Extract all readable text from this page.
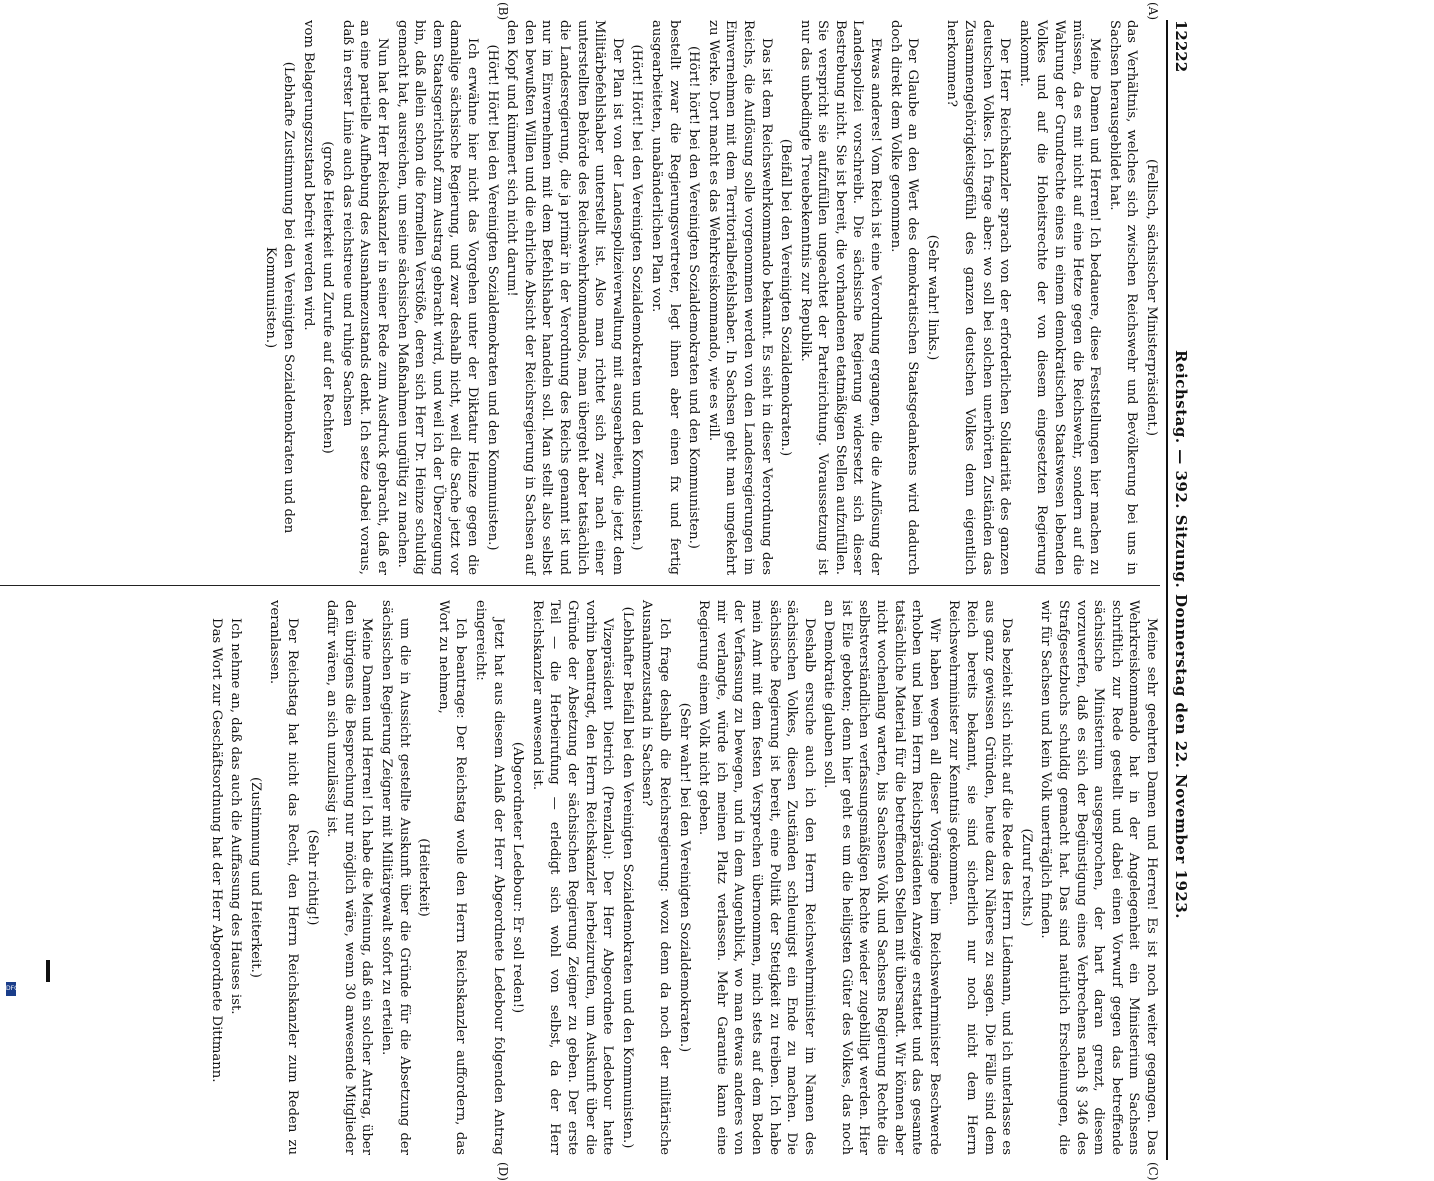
12222
Reichstag. — 392. Sitzung. Donnerstag den 22. November 1923.
(A)
(B)
(C)
(D)

(Fellisch, sächsischer Ministerpräsident.)

das Verhältnis, welches sich zwischen Reichswehr und Bevölkerung bei uns in Sachsen herausgebildet hat.

Meine Damen und Herren! Ich bedauere, diese Feststellungen hier machen zu müssen, da es mit nicht auf eine Hetze gegen die Reichswehr, sondern auf die Wahrung der Grundrechte eines in einem demokratischen Staatswesen lebenden Volkes und auf die Hoheitsrechte der von diesem eingesetzten Regierung ankommt.

Der Herr Reichskanzler sprach von der erforderlichen Solidarität des ganzen deutschen Volkes. Ich frage aber: wo soll bei solchen unerhörten Zuständen das Zusammengehörigkeitsgefühl des ganzen deutschen Volkes denn eigentlich herkommen?

(Sehr wahr! links.)

Der Glaube an den Wert des demokratischen Staatsgedankens wird dadurch doch direkt dem Volke genommen.

Etwas anderes! Vom Reich ist eine Verordnung ergangen, die die Auflösung der Landespolizei vorschreibt. Die sächsische Regierung widersetzt sich dieser Bestrebung nicht. Sie ist bereit, die vorhandenen etatmäßigen Stellen aufzufüllen. Sie verspricht sie aufzufüllen ungeachtet der Parteirichtung. Voraussetzung ist nur das unbedingte Treuebekenntnis zur Republik.

(Beifall bei den Vereinigten Sozialdemokraten.)

Das ist dem Reichswehrkommando bekannt. Es sieht in dieser Verordnung des Reichs, die Auflösung solle vorgenommen werden von den Landesregierungen im Einvernehmen mit dem Territorialbefehlshaber. In Sachsen geht man umgekehrt zu Werke. Dort macht es das Wehrkreiskommando, wie es will.

(Hört! hört! bei den Vereinigten Sozialdemokraten und den Kommunisten.)

bestellt zwar die Regierungsvertreter, legt ihnen aber einen fix und fertig ausgearbeiteten, unabänderlichen Plan vor.

(Hört! Hört! bei den Vereinigten Sozialdemokraten und den Kommunisten.)

Der Plan ist von der Landespolizeiverwaltung mit ausgearbeitet, die jetzt dem Militärbefehlshaber unterstellt ist. Also man richtet sich zwar nach einer unterstellten Behörde des Reichswehrkommandos, man übergeht aber tatsächlich die Landesregierung, die ja primär in der Verordnung des Reichs genannt ist und nur im Einvernehmen mit dem Befehlshaber handeln soll. Man stellt also selbst den bewußten Willen und die ehrliche Absicht der Reichsregierung in Sachsen auf den Kopf und kümmert sich nicht darum!

(Hört! Hört! bei den Vereinigten Sozialdemokraten und den Kommunisten.)

Ich erwähne hier nicht das Vorgehen unter der Diktatur Heinze gegen die damalige sächsische Regierung, und zwar deshalb nicht, weil die Sache jetzt vor dem Staatsgerichtshof zum Austrag gebracht wird, und weil ich der Überzeugung bin, daß allein schon die formellen Verstöße, deren sich Herr Dr. Heinze schuldig gemacht hat, ausreichen, um seine sächsischen Maßnahmen ungültig zu machen.

Nun hat der Herr Reichskanzler in seiner Rede zum Ausdruck gebracht, daß er an eine partielle Aufhebung des Ausnahmezustands denkt. Ich setze dabei voraus, daß in erster Linie auch das reichstreue und ruhige Sachsen

(große Heiterkeit und Zurufe auf der Rechten)

vom Belagerungszustand befreit werden wird.

(Lebhafte Zustimmung bei den Vereinigten Sozialdemokraten und den Kommunisten.)

Meine sehr geehrten Damen und Herren! Es ist noch weiter gegangen. Das Wehrkreiskommando hat in der Angelegenheit ein Ministerium Sachsens schriftlich zur Rede gestellt und dabei einen Vorwurf gegen das betreffende sächsische Ministerium ausgesprochen, der hart daran grenzt, diesem vorzuwerfen, daß es sich der Begünstigung eines Verbrechens nach § 346 des Strafgesetzbuchs schuldig gemacht hat. Das sind natürlich Erscheinungen, die wir für Sachsen und kein Volk unerträglich finden.

(Zuruf rechts.)

Das bezieht sich nicht auf die Rede des Herrn Liedmann, und ich unterlasse es aus ganz gewissen Gründen, heute dazu Näheres zu sagen. Die Fälle sind dem Reich bereits bekannt, sie sind sicherlich nur noch nicht dem Herrn Reichswehrminister zur Kenntnis gekommen.

Wir haben wegen all dieser Vorgänge beim Reichswehrminister Beschwerde erhoben und beim Herrn Reichspräsidenten Anzeige erstattet und das gesamte tatsächliche Material für die betreffenden Stellen mit übersandt. Wir können aber nicht wochenlang warten, bis Sachsens Volk und Sachsens Regierung Rechte die selbstverständlichen verfassungsmäßigen Rechte wieder zugebilligt werden. Hier ist Eile geboten; denn hier geht es um die heiligsten Güter des Volkes, das noch an Demokratie glauben soll.

Deshalb ersuche auch ich den Herrn Reichswehrminister im Namen des sächsischen Volkes, diesen Zuständen schleunigst ein Ende zu machen. Die sächsische Regierung ist bereit, eine Politik der Stetigkeit zu treiben. Ich habe mein Amt mit dem festen Versprechen übernommen, mich stets auf dem Boden der Verfassung zu bewegen, und in dem Augenblick, wo man etwas anderes von mir verlangte, würde ich meinen Platz verlassen. Mehr Garantie kann eine Regierung einem Volk nicht geben.

(Sehr wahr! bei den Vereinigten Sozialdemokraten.)

Ich frage deshalb die Reichsregierung: wozu denn da noch der militärische Ausnahmezustand in Sachsen?

(Lebhafter Beifall bei den Vereinigten Sozialdemokraten und den Kommunisten.)

Vizepräsident Dietrich (Prenzlau): Der Herr Abgeordnete Ledebour hatte vorhin beantragt, den Herrn Reichskanzler herbeizurufen, um Auskunft über die Gründe der Absetzung der sächsischen Regierung Zeigner zu geben. Der erste Teil — die Herbeirufung — erledigt sich wohl von selbst, da der Herr Reichskanzler anwesend ist.

(Abgeordneter Ledebour: Er soll reden!)

Jetzt hat aus diesem Anlaß der Herr Abgeordnete Ledebour folgenden Antrag eingereicht:

Ich beantrage: Der Reichstag wolle den Herrn Reichskanzler auffordern, das Wort zu nehmen,

(Heiterkeit)

um die in Aussicht gestellte Auskunft über die Gründe für die Absetzung der sächsischen Regierung Zeigner mit Militärgewalt sofort zu erteilen.

Meine Damen und Herren! Ich habe die Meinung, daß ein solcher Antrag, über den übrigens die Besprechung nur möglich wäre, wenn 30 anwesende Mitglieder dafür wären, an sich unzulässig ist.

(Sehr richtig!)

Der Reichstag hat nicht das Recht, den Herrn Reichskanzler zum Reden zu veranlassen.

(Zustimmung und Heiterkeit.)

Ich nehme an, daß das auch die Auffassung des Hauses ist.

Das Wort zur Geschäftsordnung hat der Herr Abgeordnete Dittmann.

DFG
